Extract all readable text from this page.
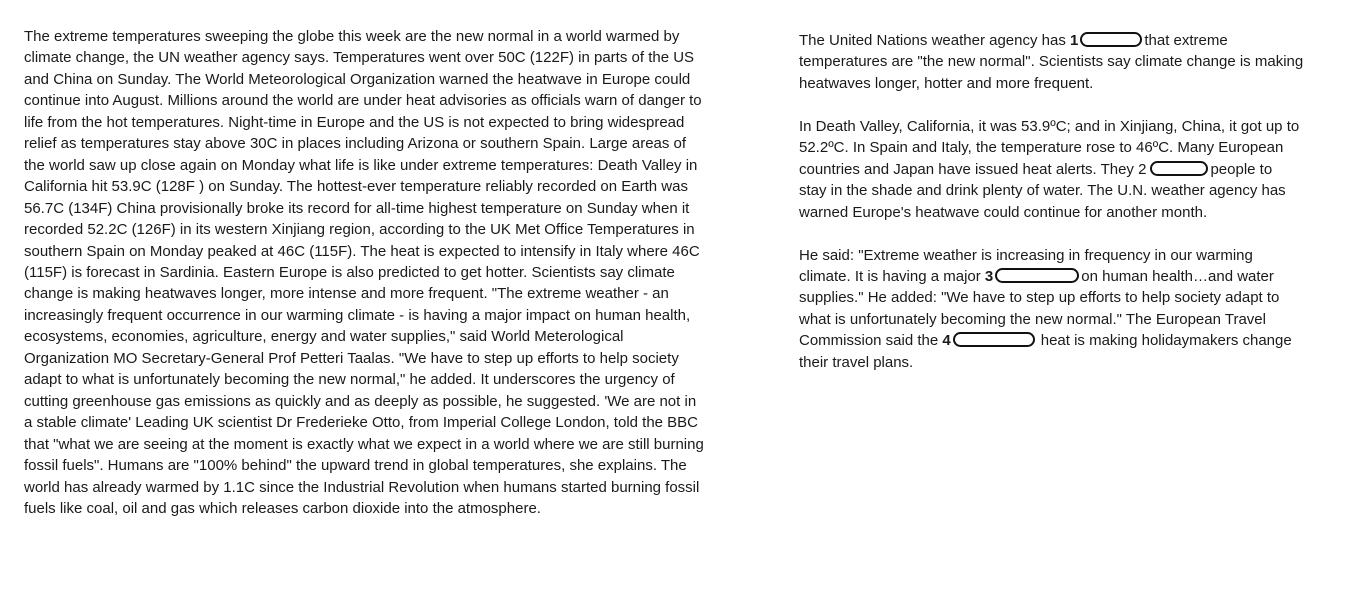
The extreme temperatures sweeping the globe this week are the new normal in a world warmed by
climate change, the UN weather agency says. Temperatures went over 50C (122F) in parts of the US
and China on Sunday. The World Meteorological Organization warned the heatwave in Europe could
continue into August. Millions around the world are under heat advisories as officials warn of danger to
life from the hot temperatures. Night-time in Europe and the US is not expected to bring widespread
relief as temperatures stay above 30C in places including Arizona or southern Spain. Large areas of
the world saw up close again on Monday what life is like under extreme temperatures: Death Valley in
California hit 53.9C (128F ) on Sunday. The hottest-ever temperature reliably recorded on Earth was
56.7C (134F) China provisionally broke its record for all-time highest temperature on Sunday when it
recorded 52.2C (126F) in its western Xinjiang region, according to the UK Met Office Temperatures in
southern Spain on Monday peaked at 46C (115F). The heat is expected to intensify in Italy where 46C
(115F) is forecast in Sardinia. Eastern Europe is also predicted to get hotter. Scientists say climate
change is making heatwaves longer, more intense and more frequent. "The extreme weather - an
increasingly frequent occurrence in our warming climate - is having a major impact on human health,
ecosystems, economies, agriculture, energy and water supplies," said World Meterological
Organization MO Secretary-General Prof Petteri Taalas. "We have to step up efforts to help society
adapt to what is unfortunately becoming the new normal," he added. It underscores the urgency of
cutting greenhouse gas emissions as quickly and as deeply as possible, he suggested. 'We are not in
a stable climate' Leading UK scientist Dr Frederieke Otto, from Imperial College London, told the BBC
that "what we are seeing at the moment is exactly what we expect in a world where we are still burning
fossil fuels". Humans are "100% behind" the upward trend in global temperatures, she explains. The
world has already warmed by 1.1C since the Industrial Revolution when humans started burning fossil
fuels like coal, oil and gas which releases carbon dioxide into the atmosphere.
The United Nations weather agency has 1	that extreme
temperatures are "the new normal". Scientists say climate change is making
heatwaves longer, hotter and more frequent.
In Death Valley, California, it was 53.9ºC; and in Xinjiang, China, it got up to
52.2ºC. In Spain and Italy, the temperature rose to 46ºC. Many European
countries and Japan have issued heat alerts. They 2	people to
stay in the shade and drink plenty of water. The U.N. weather agency has
warned Europe's heatwave could continue for another month.
He said: "Extreme weather is increasing in frequency in our warming
climate. It is having a major 3	on human health…and water
supplies." He added: "We have to step up efforts to help society adapt to
what is unfortunately becoming the new normal." The European Travel
Commission said the 4	heat is making holidaymakers change
their travel plans.
